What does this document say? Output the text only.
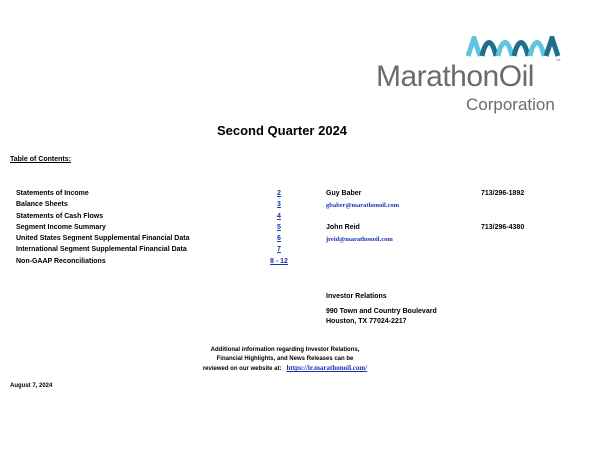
TM
MarathonOil
Corporation
Second Quarter 2024
Table of Contents:
Statements of Income	2
Balance Sheets	3
Statements of Cash Flows	4
Segment Income Summary	5
United States Segment Supplemental Financial Data	6
International Segment Supplemental Financial Data	7
Non-GAAP Reconciliations	8 - 12
Guy Baber
gbaber@marathonoil.com
713/296-1892
John Reid
jreid@marathonoil.com
713/296-4380
Investor Relations
990 Town and Country Boulevard
Houston, TX 77024-2217
Additional information regarding Investor Relations,
Financial Highlights, and News Releases can be
reviewed on our website at: https://ir.marathonoil.com/
August 7, 2024
